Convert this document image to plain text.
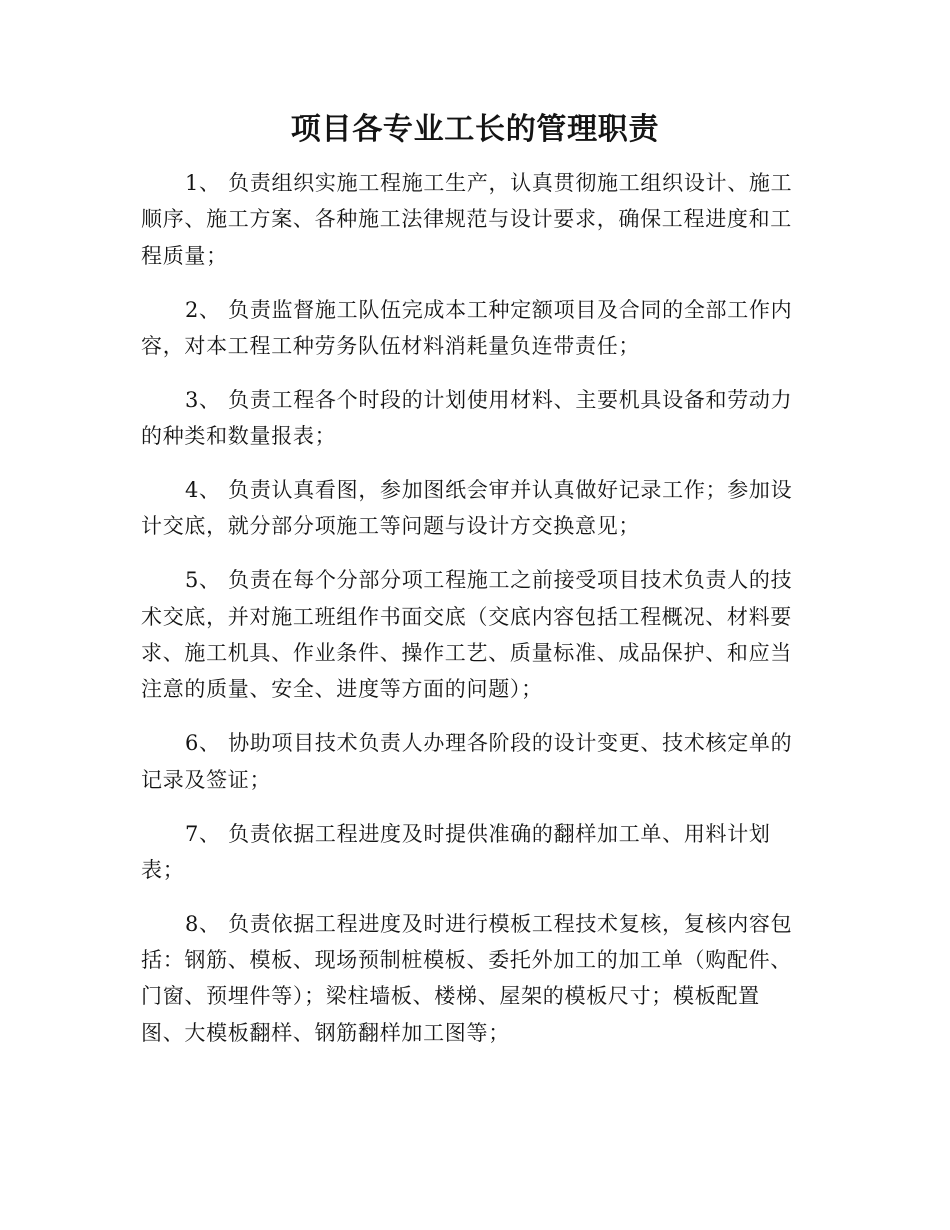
项目各专业工长的管理职责
1、 负责组织实施工程施工生产，认真贯彻施工组织设计、施工
顺序、施工方案、各种施工法律规范与设计要求，确保工程进度和工
程质量；
2、 负责监督施工队伍完成本工种定额项目及合同的全部工作内
容，对本工程工种劳务队伍材料消耗量负连带责任；
3、 负责工程各个时段的计划使用材料、主要机具设备和劳动力
的种类和数量报表；
4、 负责认真看图，参加图纸会审并认真做好记录工作；参加设
计交底，就分部分项施工等问题与设计方交换意见；
5、 负责在每个分部分项工程施工之前接受项目技术负责人的技
术交底，并对施工班组作书面交底（交底内容包括工程概况、材料要
求、施工机具、作业条件、操作工艺、质量标准、成品保护、和应当
注意的质量、安全、进度等方面的问题）；
6、 协助项目技术负责人办理各阶段的设计变更、技术核定单的
记录及签证；
7、 负责依据工程进度及时提供准确的翻样加工单、用料计划
表；
8、 负责依据工程进度及时进行模板工程技术复核，复核内容包
括：钢筋、模板、现场预制桩模板、委托外加工的加工单（购配件、
门窗、预埋件等）；梁柱墙板、楼梯、屋架的模板尺寸；模板配置
图、大模板翻样、钢筋翻样加工图等；
